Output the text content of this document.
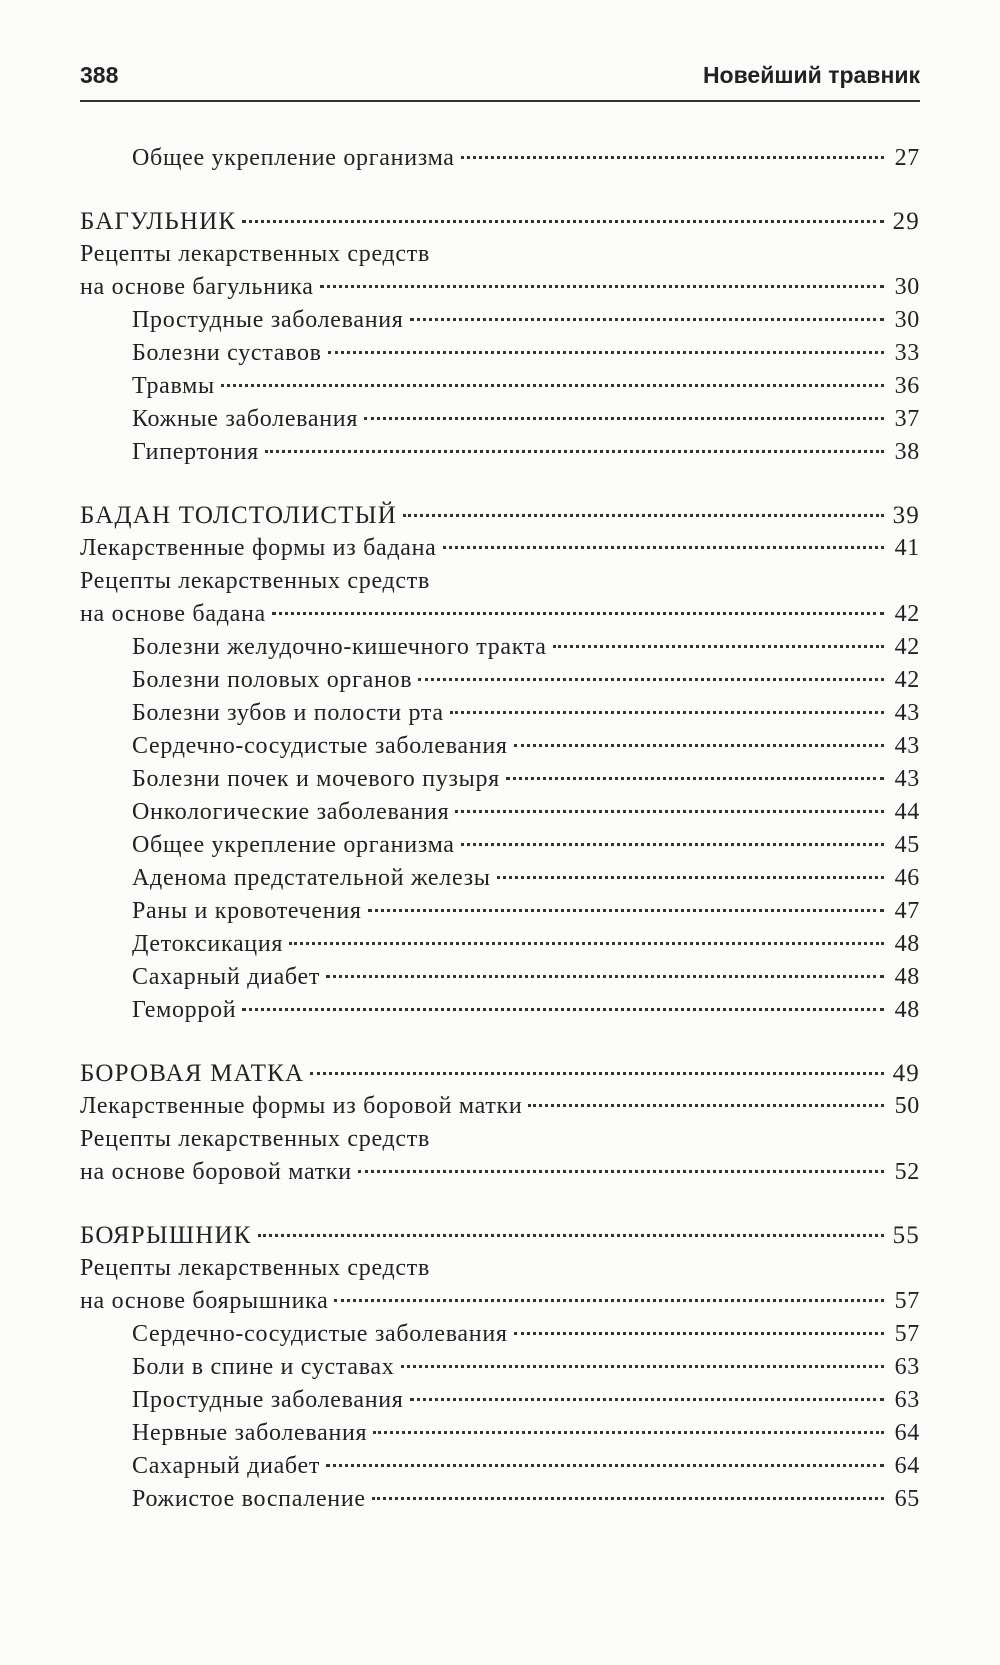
388	Новейший травник
Общее укрепление организма	27
БАГУЛЬНИК	29
Рецепты лекарственных средств
на основе багульника	30
Простудные заболевания	30
Болезни суставов	33
Травмы	36
Кожные заболевания	37
Гипертония	38
БАДАН ТОЛСТОЛИСТЫЙ	39
Лекарственные формы из бадана	41
Рецепты лекарственных средств
на основе бадана	42
Болезни желудочно-кишечного тракта	42
Болезни половых органов	42
Болезни зубов и полости рта	43
Сердечно-сосудистые заболевания	43
Болезни почек и мочевого пузыря	43
Онкологические заболевания	44
Общее укрепление организма	45
Аденома предстательной железы	46
Раны и кровотечения	47
Детоксикация	48
Сахарный диабет	48
Геморрой	48
БОРОВАЯ МАТКА	49
Лекарственные формы из боровой матки	50
Рецепты лекарственных средств
на основе боровой матки	52
БОЯРЫШНИК	55
Рецепты лекарственных средств
на основе боярышника	57
Сердечно-сосудистые заболевания	57
Боли в спине и суставах	63
Простудные заболевания	63
Нервные заболевания	64
Сахарный диабет	64
Рожистое воспаление	65
